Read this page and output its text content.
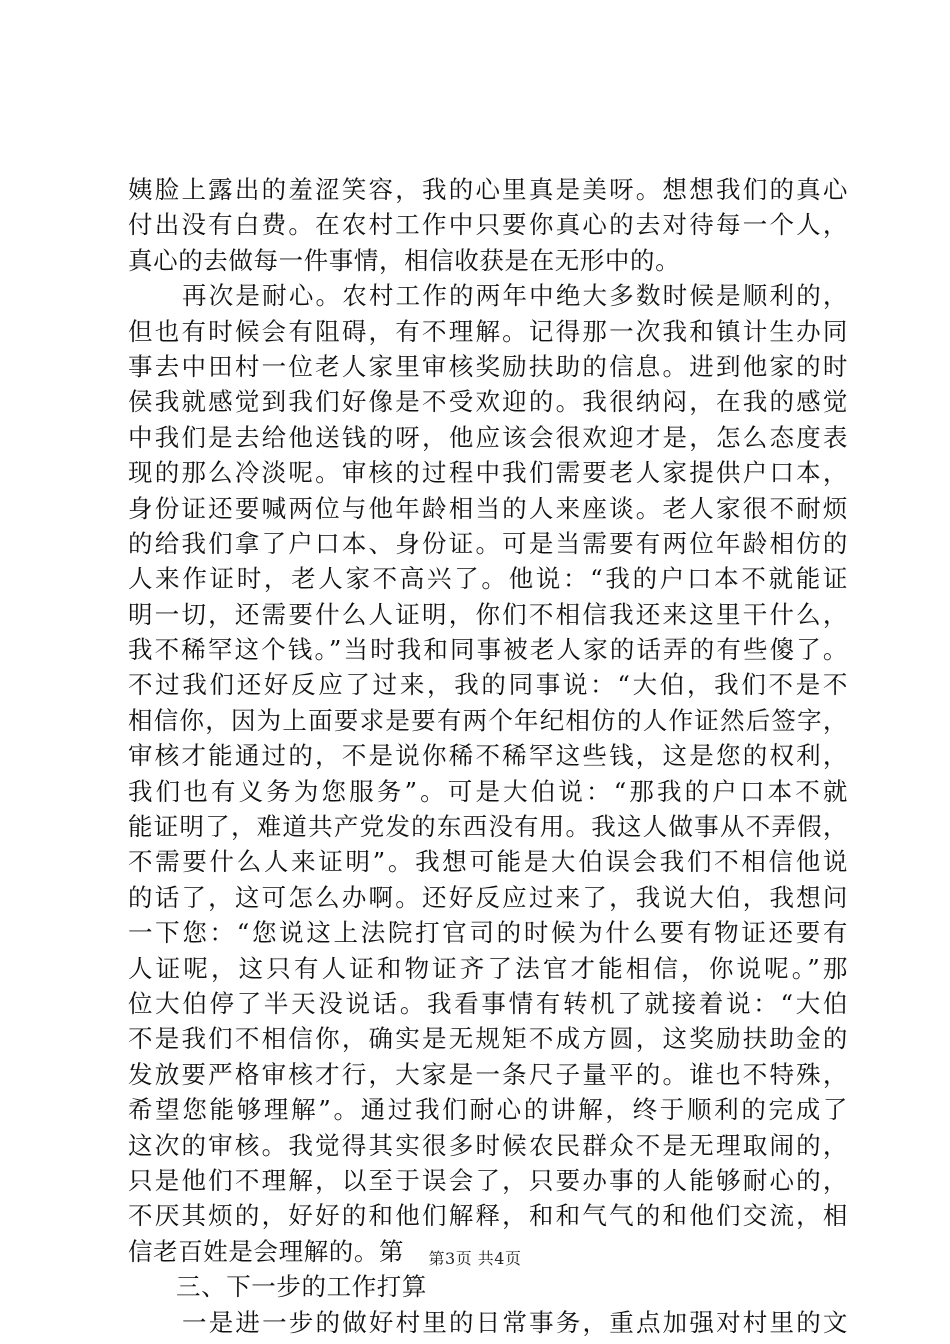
姨脸上露出的羞涩笑容，我的心里真是美呀。想想我们的真心
付出没有白费。在农村工作中只要你真心的去对待每一个人，
真心的去做每一件事情，相信收获是在无形中的。
再次是耐心。农村工作的两年中绝大多数时候是顺利的，
但也有时候会有阻碍，有不理解。记得那一次我和镇计生办同
事去中田村一位老人家里审核奖励扶助的信息。进到他家的时
侯我就感觉到我们好像是不受欢迎的。我很纳闷，在我的感觉
中我们是去给他送钱的呀，他应该会很欢迎才是，怎么态度表
现的那么冷淡呢。审核的过程中我们需要老人家提供户口本，
身份证还要喊两位与他年龄相当的人来座谈。老人家很不耐烦
的给我们拿了户口本、身份证。可是当需要有两位年龄相仿的
人来作证时，老人家不高兴了。他说：“我的户口本不就能证
明一切，还需要什么人证明，你们不相信我还来这里干什么，
我不稀罕这个钱。”当时我和同事被老人家的话弄的有些傻了。
不过我们还好反应了过来，我的同事说：“大伯，我们不是不
相信你，因为上面要求是要有两个年纪相仿的人作证然后签字，
审核才能通过的，不是说你稀不稀罕这些钱，这是您的权利，
我们也有义务为您服务”。可是大伯说：“那我的户口本不就
能证明了，难道共产党发的东西没有用。我这人做事从不弄假，
不需要什么人来证明”。我想可能是大伯误会我们不相信他说
的话了，这可怎么办啊。还好反应过来了，我说大伯，我想问
一下您：“您说这上法院打官司的时候为什么要有物证还要有
人证呢，这只有人证和物证齐了法官才能相信，你说呢。”那
位大伯停了半天没说话。我看事情有转机了就接着说：“大伯
不是我们不相信你，确实是无规矩不成方圆，这奖励扶助金的
发放要严格审核才行，大家是一条尺子量平的。谁也不特殊，
希望您能够理解”。通过我们耐心的讲解，终于顺利的完成了
这次的审核。我觉得其实很多时候农民群众不是无理取闹的，
只是他们不理解，以至于误会了，只要办事的人能够耐心的，
不厌其烦的，好好的和他们解释，和和气气的和他们交流，相
信老百姓是会理解的。第
三、下一步的工作打算
一是进一步的做好村里的日常事务，重点加强对村里的文
第3页 共4页
